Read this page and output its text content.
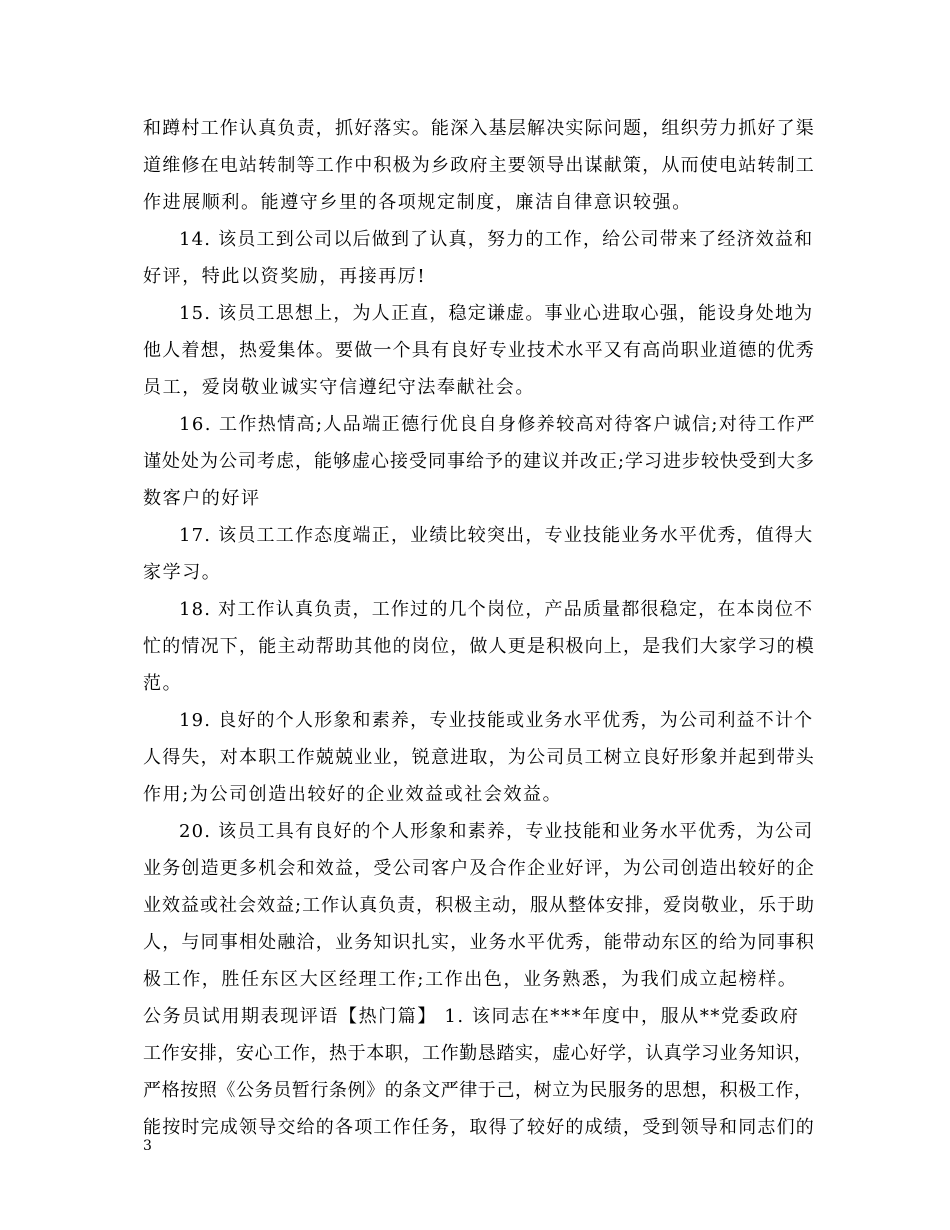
和蹲村工作认真负责，抓好落实。能深入基层解决实际问题，组织劳力抓好了渠
道维修在电站转制等工作中积极为乡政府主要领导出谋献策，从而使电站转制工
作进展顺利。能遵守乡里的各项规定制度，廉洁自律意识较强。
14. 该员工到公司以后做到了认真，努力的工作，给公司带来了经济效益和
好评，特此以资奖励，再接再厉!
15. 该员工思想上，为人正直，稳定谦虚。事业心进取心强，能设身处地为
他人着想，热爱集体。要做一个具有良好专业技术水平又有高尚职业道德的优秀
员工，爱岗敬业诚实守信遵纪守法奉献社会。
16. 工作热情高;人品端正德行优良自身修养较高对待客户诚信;对待工作严
谨处处为公司考虑，能够虚心接受同事给予的建议并改正;学习进步较快受到大多
数客户的好评
17. 该员工工作态度端正，业绩比较突出，专业技能业务水平优秀，值得大
家学习。
18. 对工作认真负责，工作过的几个岗位，产品质量都很稳定，在本岗位不
忙的情况下，能主动帮助其他的岗位，做人更是积极向上，是我们大家学习的模
范。
19. 良好的个人形象和素养，专业技能或业务水平优秀，为公司利益不计个
人得失，对本职工作兢兢业业，锐意进取，为公司员工树立良好形象并起到带头
作用;为公司创造出较好的企业效益或社会效益。
20. 该员工具有良好的个人形象和素养，专业技能和业务水平优秀，为公司
业务创造更多机会和效益，受公司客户及合作企业好评，为公司创造出较好的企
业效益或社会效益;工作认真负责，积极主动，服从整体安排，爱岗敬业，乐于助
人，与同事相处融洽，业务知识扎实，业务水平优秀，能带动东区的给为同事积
极工作，胜任东区大区经理工作;工作出色，业务熟悉，为我们成立起榜样。
公务员试用期表现评语【热门篇】 1. 该同志在***年度中，服从**党委政府
工作安排，安心工作，热于本职，工作勤恳踏实，虚心好学，认真学习业务知识，
严格按照《公务员暂行条例》的条文严律于己，树立为民服务的思想，积极工作，
能按时完成领导交给的各项工作任务，取得了较好的成绩，受到领导和同志们的
3
